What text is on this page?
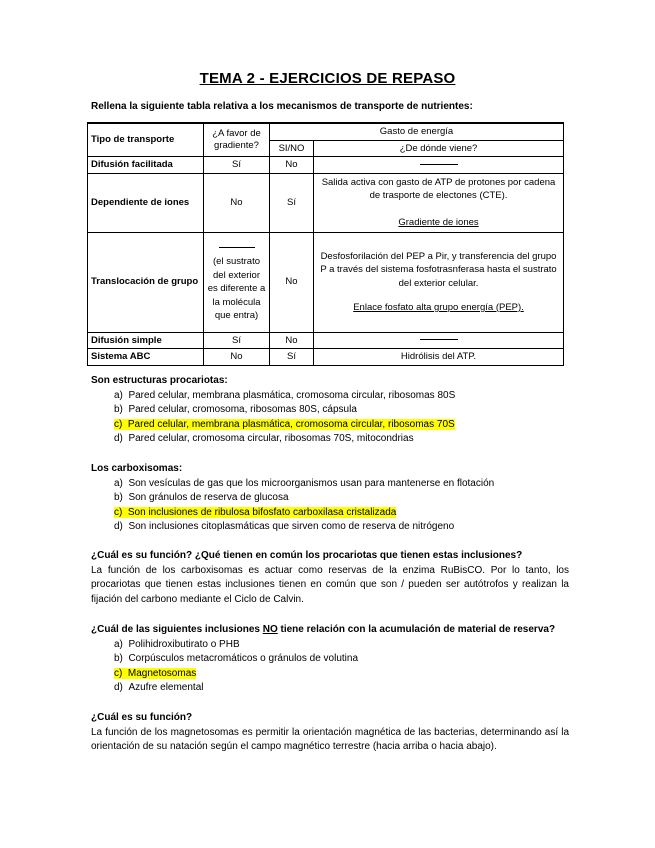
TEMA 2 - EJERCICIOS DE REPASO
Rellena la siguiente tabla relativa a los mecanismos de transporte de nutrientes:
Tipo de transporte	¿A favor de gradiente?	Gasto de energía	
		SI/NO	¿De dónde viene?
Difusión facilitada	Sí	No	
Dependiente de iones	No	Sí	Salida activa con gasto de ATP de protones por cadena de trasporte de electones (CTE).
Gradiente de iones

Translocación de grupo	(el sustrato del exterior es diferente a la molécula que entra)	No	Desfosforilación del PEP a Pir, y transferencia del grupo P a través del sistema fosfotrasnferasa hasta el sustrato del exterior celular.
Enlace fosfato alta grupo energía (PEP).

Difusión simple	Sí	No	
Sistema ABC	No	Sí	Hidrólisis del ATP.
Son estructuras procariotas:
a)  Pared celular, membrana plasmática, cromosoma circular, ribosomas 80S
b)  Pared celular, cromosoma, ribosomas 80S, cápsula
c)  Pared celular, membrana plasmática, cromosoma circular, ribosomas 70S
d)  Pared celular, cromosoma circular, ribosomas 70S, mitocondrias
Los carboxisomas:
a)  Son vesículas de gas que los microorganismos usan para mantenerse en flotación
b)  Son gránulos de reserva de glucosa
c)  Son inclusiones de ribulosa bifosfato carboxilasa cristalizada
d)  Son inclusiones citoplasmáticas que sirven como de reserva de nitrógeno
¿Cuál es su función? ¿Qué tienen en común los procariotas que tienen estas inclusiones?
La función de los carboxisomas es actuar como reservas de la enzima RuBisCO. Por lo tanto, los procariotas que tienen estas inclusiones tienen en común que son / pueden ser autótrofos y realizan la fijación del carbono mediante el Ciclo de Calvin.
¿Cuál de las siguientes inclusiones NO tiene relación con la acumulación de material de reserva?
a)  Polihidroxibutirato o PHB
b)  Corpúsculos metacromáticos o gránulos de volutina
c)  Magnetosomas
d)  Azufre elemental
¿Cuál es su función?
La función de los magnetosomas es permitir la orientación magnética de las bacterias, determinando así la orientación de su natación según el campo magnético terrestre (hacia arriba o hacia abajo).
